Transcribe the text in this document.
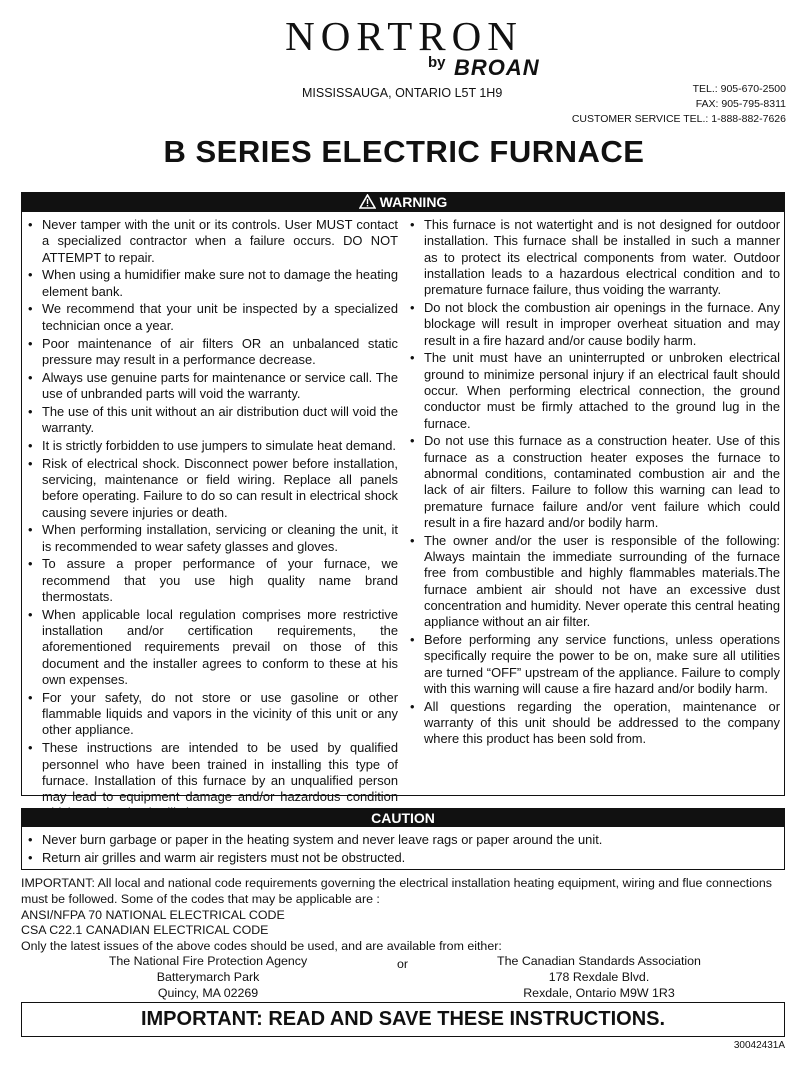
NORTRON
by BROAN
MISSISSAUGA, ONTARIO L5T 1H9	TEL.: 905-670-2500
FAX: 905-795-8311
CUSTOMER SERVICE TEL.: 1-888-882-7626
B SERIES ELECTRIC FURNACE
WARNING
• Never tamper with the unit or its controls. User MUST contact a specialized contractor when a failure occurs. DO NOT ATTEMPT to repair.
• When using a humidifier make sure not to damage the heating element bank.
• We recommend that your unit be inspected by a specialized technician once a year.
• Poor maintenance of air filters OR an unbalanced static pressure may result in a performance decrease.
• Always use genuine parts for maintenance or service call. The use of unbranded parts will void the warranty.
• The use of this unit without an air distribution duct will void the warranty.
• It is strictly forbidden to use jumpers to simulate heat demand.
• Risk of electrical shock. Disconnect power before installation, servicing, maintenance or field wiring. Replace all panels before operating. Failure to do so can result in electrical shock causing severe injuries or death.
• When performing installation, servicing or cleaning the unit, it is recommended to wear safety glasses and gloves.
• To assure a proper performance of your furnace, we recommend that you use high quality name brand thermostats.
• When applicable local regulation comprises more restrictive installation and/or certification requirements, the aforementioned requirements prevail on those of this document and the installer agrees to conform to these at his own expenses.
• For your safety, do not store or use gasoline or other flammable liquids and vapors in the vicinity of this unit or any other appliance.
• These instructions are intended to be used by qualified personnel who have been trained in installing this type of furnace. Installation of this furnace by an unqualified person may lead to equipment damage and/or hazardous condition
• This furnace is not watertight and is not designed for outdoor installation. This furnace shall be installed in such a manner as to protect its electrical components from water. Outdoor installation leads to a hazardous electrical condition and to premature furnace failure, thus voiding the warranty.
• Do not block the combustion air openings in the furnace. Any blockage will result in improper overheat situation and may result in a fire hazard and/or cause bodily harm.
• The unit must have an uninterrupted or unbroken electrical ground to minimize personal injury if an electrical fault should occur. When performing electrical connection, the ground conductor must be firmly attached to the ground lug in the furnace.
• Do not use this furnace as a construction heater. Use of this furnace as a construction heater exposes the furnace to abnormal conditions, contaminated combustion air and the lack of air filters. Failure to follow this warning can lead to premature furnace failure and/or vent failure which could result in a fire hazard and/or bodily harm.
• The owner and/or the user is responsible of the following: Always maintain the immediate surrounding of the furnace free from combustible and highly flammables materials.The furnace ambient air should not have an excessive dust concentration and humidity. Never operate this central heating appliance without an air filter.
• Before performing any service functions, unless operations specifically require the power to be on, make sure all utilities are turned “OFF” upstream of the appliance. Failure to comply with this warning will cause a fire hazard and/or bodily harm.
• All questions regarding the operation, maintenance or warranty of this unit should be addressed to the company where this product has been sold from.
CAUTION
• Never burn garbage or paper in the heating system and never leave rags or paper around the unit.
• Return air grilles and warm air registers must not be obstructed.
IMPORTANT: All local and national code requirements governing the electrical installation heating equipment, wiring and flue connections must be followed. Some of the codes that may be applicable are :
ANSI/NFPA 70 NATIONAL ELECTRICAL CODE
CSA C22.1 CANADIAN ELECTRICAL CODE
Only the latest issues of the above codes should be used, and are available from either:
The National Fire Protection Agency
Batterymarch Park
Quincy, MA 02269
or	The Canadian Standards Association
178 Rexdale Blvd.
Rexdale, Ontario M9W 1R3
IMPORTANT: READ AND SAVE THESE INSTRUCTIONS.
30042431A
